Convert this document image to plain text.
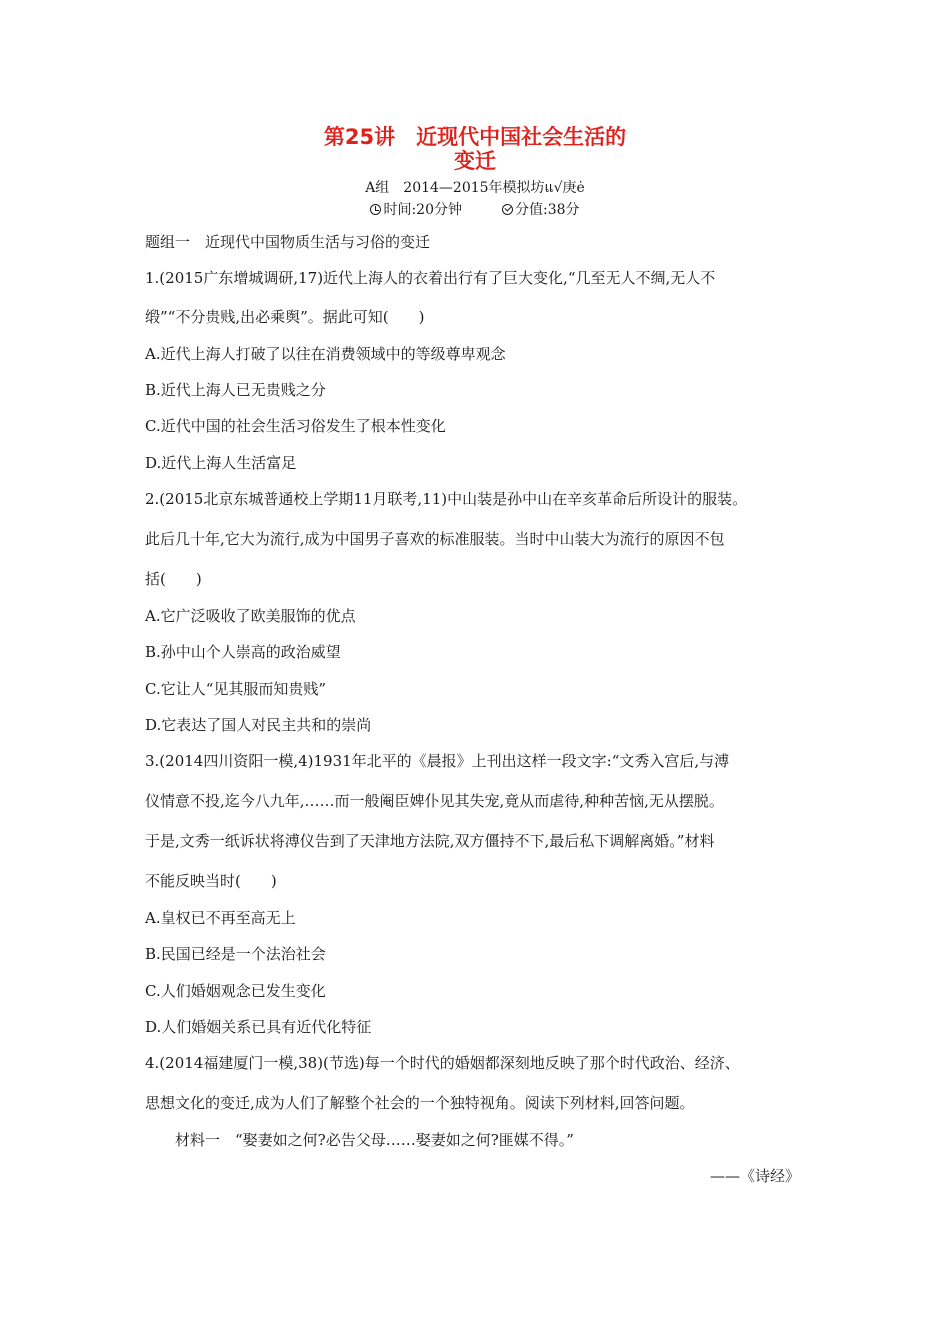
第25讲　近现代中国社会生活的
变迁
A组　2014—2015年模拟坊แ√庚ė
时间:20分钟	分值:38分
题组一　近现代中国物质生活与习俗的变迁
1.(2015广东增城调研,17)近代上海人的衣着出行有了巨大变化,“几至无人不绸,无人不
缎”“不分贵贱,出必乘舆”。据此可知(　　)
A.近代上海人打破了以往在消费领域中的等级尊卑观念
B.近代上海人已无贵贱之分
C.近代中国的社会生活习俗发生了根本性变化
D.近代上海人生活富足
2.(2015北京东城普通校上学期11月联考,11)中山装是孙中山在辛亥革命后所设计的服装。
此后几十年,它大为流行,成为中国男子喜欢的标准服装。当时中山装大为流行的原因不包
括(　　)
A.它广泛吸收了欧美服饰的优点
B.孙中山个人崇高的政治威望
C.它让人“见其服而知贵贱”
D.它表达了国人对民主共和的崇尚
3.(2014四川资阳一模,4)1931年北平的《晨报》上刊出这样一段文字:“文秀入宫后,与溥
仪情意不投,迄今八九年,……而一般阉臣婢仆见其失宠,竟从而虐待,种种苦恼,无从摆脱。
于是,文秀一纸诉状将溥仪告到了天津地方法院,双方僵持不下,最后私下调解离婚。”材料
不能反映当时(　　)
A.皇权已不再至高无上
B.民国已经是一个法治社会
C.人们婚姻观念已发生变化
D.人们婚姻关系已具有近代化特征
4.(2014福建厦门一模,38)(节选)每一个时代的婚姻都深刻地反映了那个时代政治、经济、
思想文化的变迁,成为人们了解整个社会的一个独特视角。阅读下列材料,回答问题。
材料一　“娶妻如之何?必告父母……娶妻如之何?匪媒不得。”
——《诗经》
